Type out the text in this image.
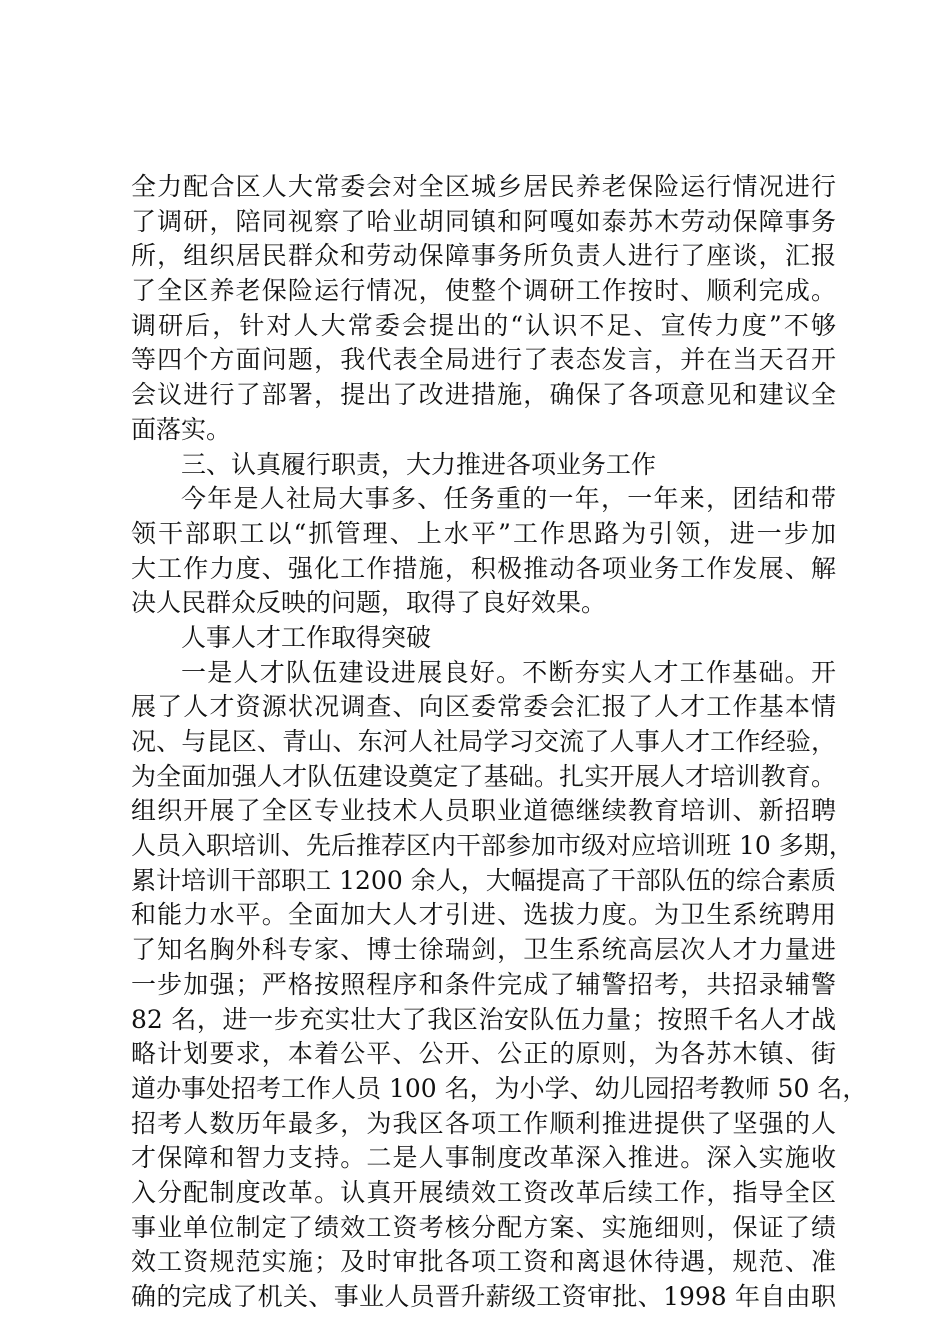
全力配合区人大常委会对全区城乡居民养老保险运行情况进行
了调研，陪同视察了哈业胡同镇和阿嘎如泰苏木劳动保障事务
所，组织居民群众和劳动保障事务所负责人进行了座谈，汇报
了全区养老保险运行情况，使整个调研工作按时、顺利完成。
调研后，针对人大常委会提出的“认识不足、宣传力度”不够
等四个方面问题，我代表全局进行了表态发言，并在当天召开
会议进行了部署，提出了改进措施，确保了各项意见和建议全
面落实。
三、认真履行职责，大力推进各项业务工作
今年是人社局大事多、任务重的一年，一年来，团结和带
领干部职工以“抓管理、上水平”工作思路为引领，进一步加
大工作力度、强化工作措施，积极推动各项业务工作发展、解
决人民群众反映的问题，取得了良好效果。
人事人才工作取得突破
一是人才队伍建设进展良好。不断夯实人才工作基础。开
展了人才资源状况调查、向区委常委会汇报了人才工作基本情
况、与昆区、青山、东河人社局学习交流了人事人才工作经验，
为全面加强人才队伍建设奠定了基础。扎实开展人才培训教育。
组织开展了全区专业技术人员职业道德继续教育培训、新招聘
人员入职培训、先后推荐区内干部参加市级对应培训班 10 多期，
累计培训干部职工 1200 余人，大幅提高了干部队伍的综合素质
和能力水平。全面加大人才引进、选拔力度。为卫生系统聘用
了知名胸外科专家、博士徐瑞剑，卫生系统高层次人才力量进
一步加强；严格按照程序和条件完成了辅警招考，共招录辅警
82 名，进一步充实壮大了我区治安队伍力量；按照千名人才战
略计划要求，本着公平、公开、公正的原则，为各苏木镇、街
道办事处招考工作人员 100 名，为小学、幼儿园招考教师 50 名，
招考人数历年最多，为我区各项工作顺利推进提供了坚强的人
才保障和智力支持。二是人事制度改革深入推进。深入实施收
入分配制度改革。认真开展绩效工资改革后续工作，指导全区
事业单位制定了绩效工资考核分配方案、实施细则，保证了绩
效工资规范实施；及时审批各项工资和离退休待遇，规范、准
确的完成了机关、事业人员晋升薪级工资审批、1998 年自由职
